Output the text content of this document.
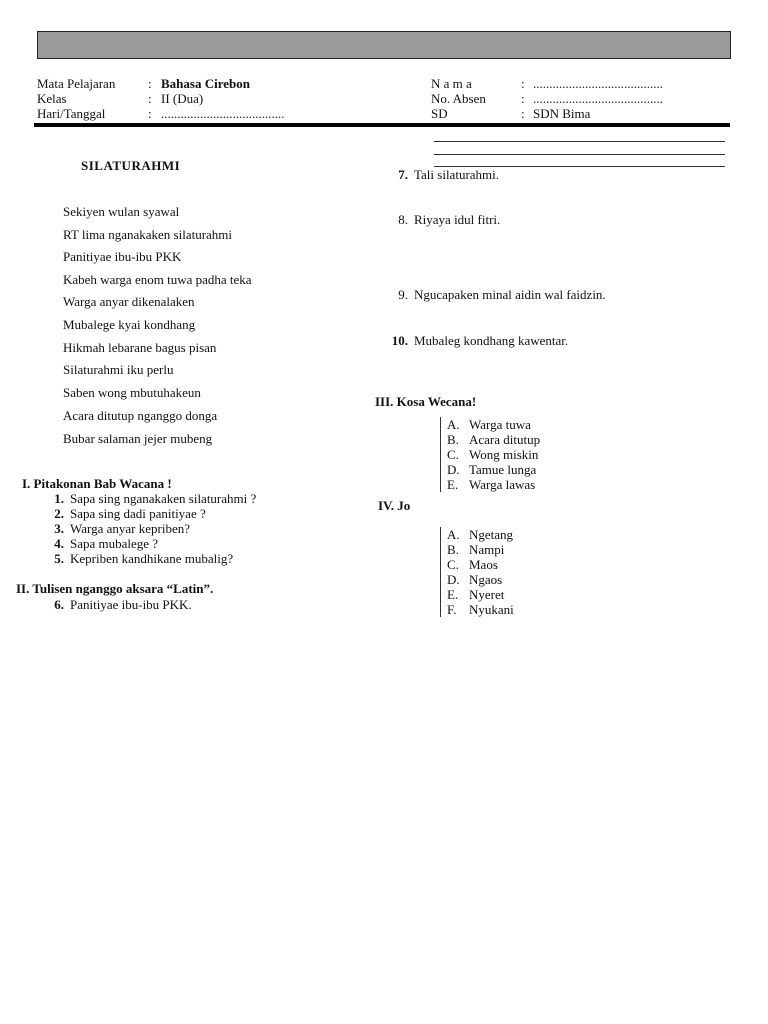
Mata Pelajaran	: Bahasa Cirebon
Kelas	: II (Dua)
Hari/Tanggal	: ......................................
N a m a	: ........................................
No. Absen	: ........................................
SD	: SDN Bima
SILATURAHMI
Sekiyen wulan syawal
RT lima nganakaken silaturahmi
Panitiyae ibu-ibu PKK
Kabeh warga enom tuwa padha teka
Warga anyar dikenalaken
Mubalege kyai kondhang
Hikmah lebarane bagus pisan
Silaturahmi iku perlu
Saben wong mbutuhakeun
Acara ditutup nganggo donga
Bubar salaman jejer mubeng
I. Pitakonan Bab Wacana !
1. Sapa sing nganakaken silaturahmi ?
2. Sapa sing dadi panitiyae ?
3. Warga anyar kepriben?
4. Sapa mubalege ?
5. Kepriben kandhikane mubalig?
II. Tulisen nganggo aksara “Latin”.
6. Panitiyae ibu-ibu PKK.
7. Tali silaturahmi.
8. Riyaya idul fitri.
9. Ngucapaken minal aidin wal faidzin.
10. Mubaleg kondhang kawentar.
III. Kosa Wecana!
A. Warga tuwa
B. Acara ditutup
C. Wong miskin
D. Tamue lunga
E. Warga lawas
IV. Jo
A. Ngetang
B. Nampi
C. Maos
D. Ngaos
E. Nyeret
F. Nyukani
